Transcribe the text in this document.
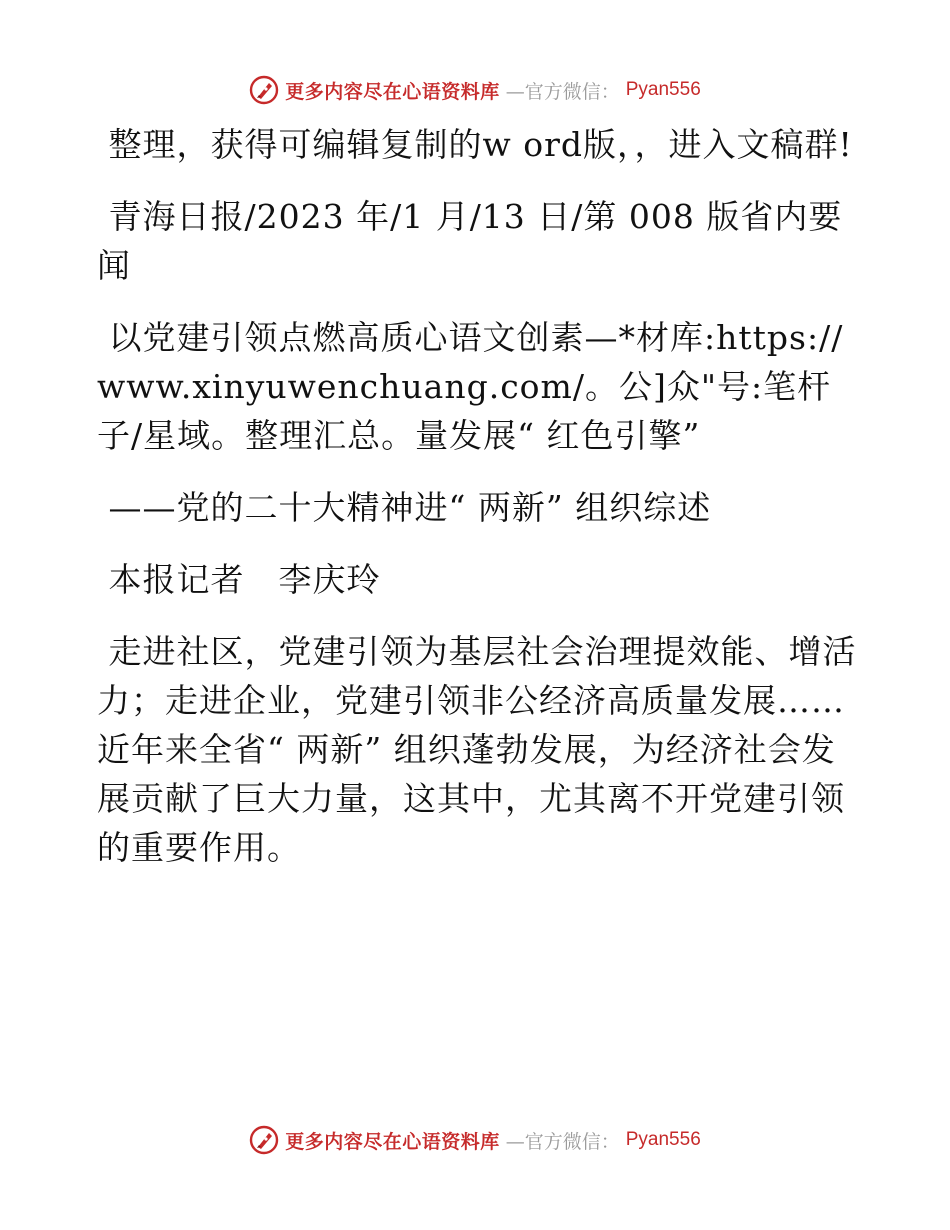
更多内容尽在心语资料库 —官方微信： Pyan556

整理，获得可编辑复制的w ord版，，进入文稿群!

青海日报/2023 年/1 月/13 日/第 008 版省内要闻

以党建引领点燃高质心语文创素—*材库:https://www.xinyuwenchuang.com/。公]众"号:笔杆子/星域。整理汇总。量发展“ 红色引擎”

——党的二十大精神进“ 两新” 组织综述

本报记者　李庆玲

走进社区，党建引领为基层社会治理提效能、增活力；走进企业，党建引领非公经济高质量发展……近年来全省“ 两新” 组织蓬勃发展，为经济社会发展贡献了巨大力量，这其中，尤其离不开党建引领的重要作用。

更多内容尽在心语资料库 —官方微信： Pyan556
